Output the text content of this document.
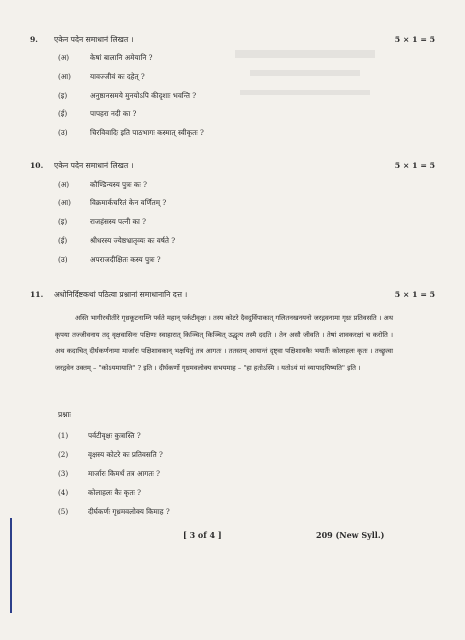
9. एकेन पदेन समाधानं लिखत ।	5 × 1 = 5
(अ)	केषां बालानि अमेयानि ?
(आ)	यावज्जीवं कः दहेत् ?
(इ)	अनुष्ठानसमये मुनयोऽपि कीदृशाः भवन्ति ?
(ई)	पापहरा नदी का ?
(उ)	चिरविवादिः इति पाठभागः कस्मात् स्वीकृतः ?
10. एकेन पदेन समाधानं लिखत ।	5 × 1 = 5
(अ)	कौण्डिन्यस्य पुत्रः कः ?
(आ)	विक्रमार्कचरितं केन वर्णितम् ?
(इ)	राजहंसस्य पत्नी का ?
(ई)	श्रीधरस्य ज्येष्ठभ्रातृव्यः कः वर्षते ?
(उ)	अपराजदीक्षितः कस्य पुत्रः ?
11. अधोनिर्दिष्टकथां पठित्वा प्रश्नानां समाधानानि दत्त ।	5 × 1 = 5
अस्ति भागीरथीतीरे गृध्रकूटनाम्नि पर्वते महान् पर्कटीवृक्षः । तस्य कोटरे दैवदुर्विपाकात् गलितनखनयनो जरद्गवनामा गृध्रः प्रतिवसति । अथ कृपया तज्जीवनाय तद् वृक्षवासिनः पक्षिणः स्वाहारात् किञ्चित् किञ्चित् उद्धृत्य तस्मै ददति । तेन असौ जीवति । तेषां शावकरक्षां च करोति । अथ कदाचित् दीर्घकर्णनामा मार्जारः पक्षिशावकान् भक्षयितुं तत्र आगतः । ततस्तम् आयान्तं दृष्ट्वा पक्षिशावकैः भयार्तैः कोलाहलः कृतः । तच्छ्रुत्वा जरद्गवेन उक्तम् – "कोऽयमायाति" ? इति । दीर्घकर्णो गृध्रमवलोक्य सभयमाह – "हा हतोऽस्मि । यतोऽयं मां व्यापादयिष्यति" इति ।
प्रश्नाः
(1)	पर्वटीवृक्षः कुत्रास्ति ?
(2)	वृक्षस्य कोटरे कः प्रतिवसति ?
(3)	मार्जारः किमर्थं तत्र आगतः ?
(4)	कोलाहलः कैः कृतः ?
(5)	दीर्घकर्णः गृध्रमवलोक्य किमाह ?
[ 3 of 4 ]	209 (New Syll.)
